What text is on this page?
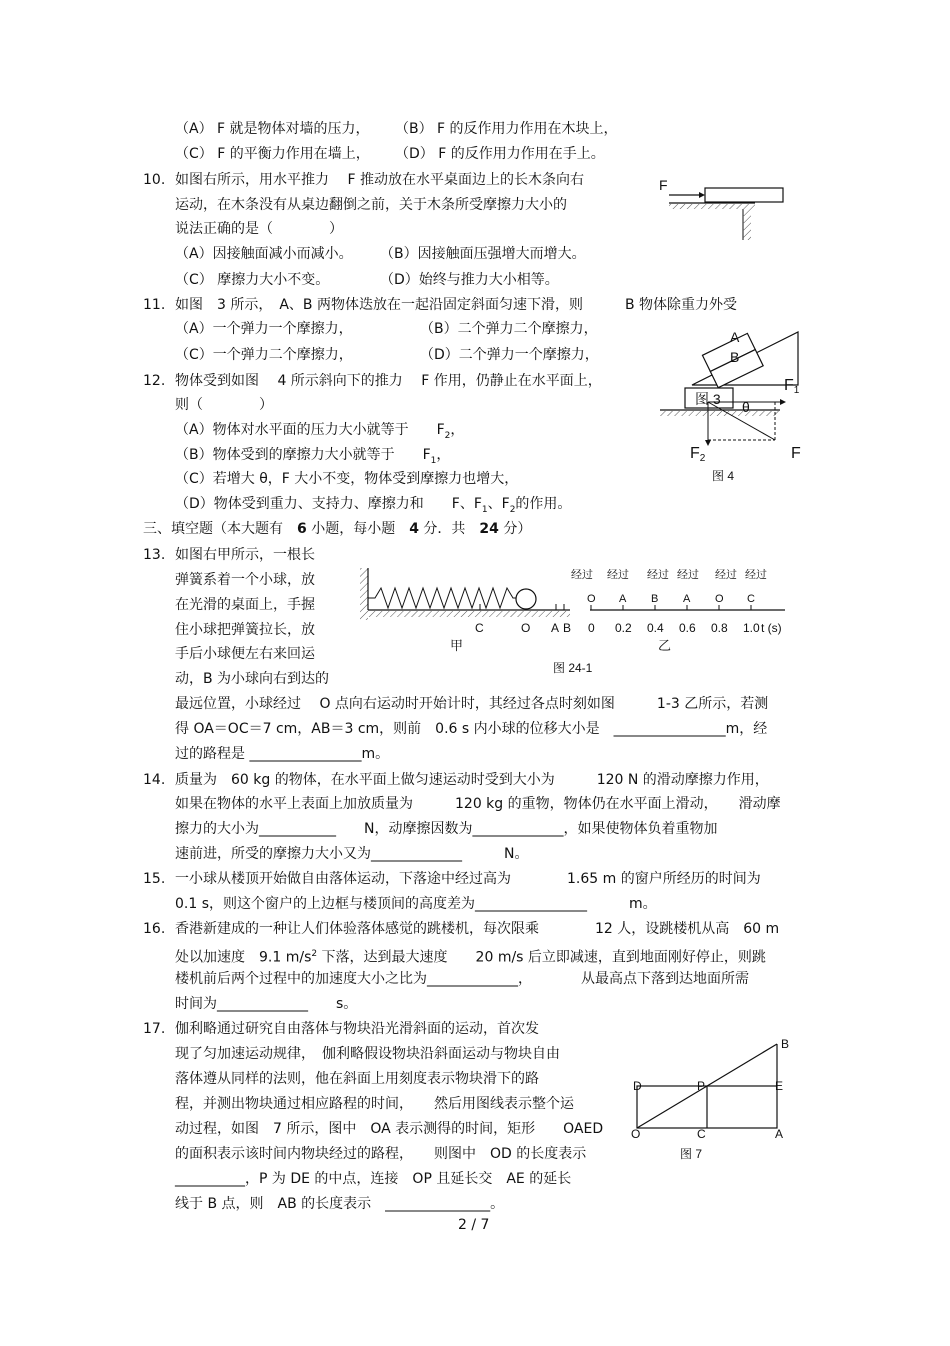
（A） F 就是物体对墙的压力， （B） F 的反作用力作用在木块上，
（C） F 的平衡力作用在墙上， （D） F 的反作用力作用在手上。
10. 如图右所示，用水平推力　 F 推动放在水平桌面边上的长木条向右
运动，在木条没有从桌边翻倒之前，关于木条所受摩擦力大小的
说法正确的是（　　　　）
（A）因接触面减小而减小。 （B）因接触面压强增大而增大。
（C） 摩擦力大小不变。	（D）始终与推力大小相等。
F
11. 如图　3 所示，　A、B 两物体迭放在一起沿固定斜面匀速下滑，则　　　B 物体除重力外受
（A）一个弹力一个摩擦力，	（B）二个弹力二个摩擦力，
（C）一个弹力二个摩擦力，	（D）二个弹力一个摩擦力，
12. 物体受到如图　 4 所示斜向下的推力　 F 作用，仍静止在水平面上，
则（　　　　）
（A）物体对水平面的压力大小就等于　　$F_2$，
（B）物体受到的摩擦力大小就等于　　$F_1$，
（C）若增大 θ，F 大小不变，物体受到摩擦力也增大，
（D）物体受到重力、支持力、摩擦力和　　F、$F_1$、$F_2$的作用。
A
B
图 3 θ
F1
F2	F
图 4
三、填空题（本大题有　6 小题，每小题　4 分．共　24 分）
13. 如图右甲所示，一根长
弹簧系着一个小球，放
在光滑的桌面上，手握
住小球把弹簧拉长，放
手后小球便左右来回运
动，B 为小球向右到达的
最远位置，小球经过　 O 点向右运动时开始计时，其经过各点时刻如图　　　1-3 乙所示，若测
得 OA＝OC＝7 cm，AB＝3 cm，则前　0.6 s 内小球的位移大小是　________________m，经
过的路程是 ________________m。
C	O A B
甲
0 0.2 0.4 0.6 0.8 1.0
O A B A O C
经过 经过 经过 经过 经过 经过
t (s)
乙
图 24-1
14. 质量为　60 kg 的物体，在水平面上做匀速运动时受到大小为　　　120 N 的滑动摩擦力作用，
如果在物体的水平上表面上加放质量为　　　120 kg 的重物，物体仍在水平面上滑动，　　滑动摩
擦力的大小为___________　　N，动摩擦因数为_____________，如果使物体负着重物加
速前进，所受的摩擦力大小又为_____________　　　N。
15. 一小球从楼顶开始做自由落体运动，下落途中经过高为　　　　1.65 m 的窗户所经历的时间为
0.1 s，则这个窗户的上边框与楼顶间的高度差为________________　　　m。
16. 香港新建成的一种让人们体验落体感觉的跳楼机，每次限乘　　　　12 人，设跳楼机从高　60 m
处以加速度　9.1 $m/s^2$ 下落，达到最大速度　　20 m/s 后立即减速，直到地面刚好停止，则跳
楼机前后两个过程中的加速度大小之比为_____________，　　　　从最高点下落到达地面所需
时间为_____________　　s。
17. 伽利略通过研究自由落体与物块沿光滑斜面的运动，首次发
现了匀加速运动规律，　伽利略假设物块沿斜面运动与物块自由
落体遵从同样的法则，他在斜面上用刻度表示物块滑下的路
程，并测出物块通过相应路程的时间，　　然后用图线表示整个运
动过程，如图　7 所示，图中　OA 表示测得的时间，矩形　　OAED
的面积表示该时间内物块经过的路程，　　则图中　OD 的长度表示
__________，P 为 DE 的中点，连接　OP 且延长交　AE 的延长
线于 B 点，则　AB 的长度表示　_______________。
B
D	P	E
O	C	A
图 7
2 / 7
